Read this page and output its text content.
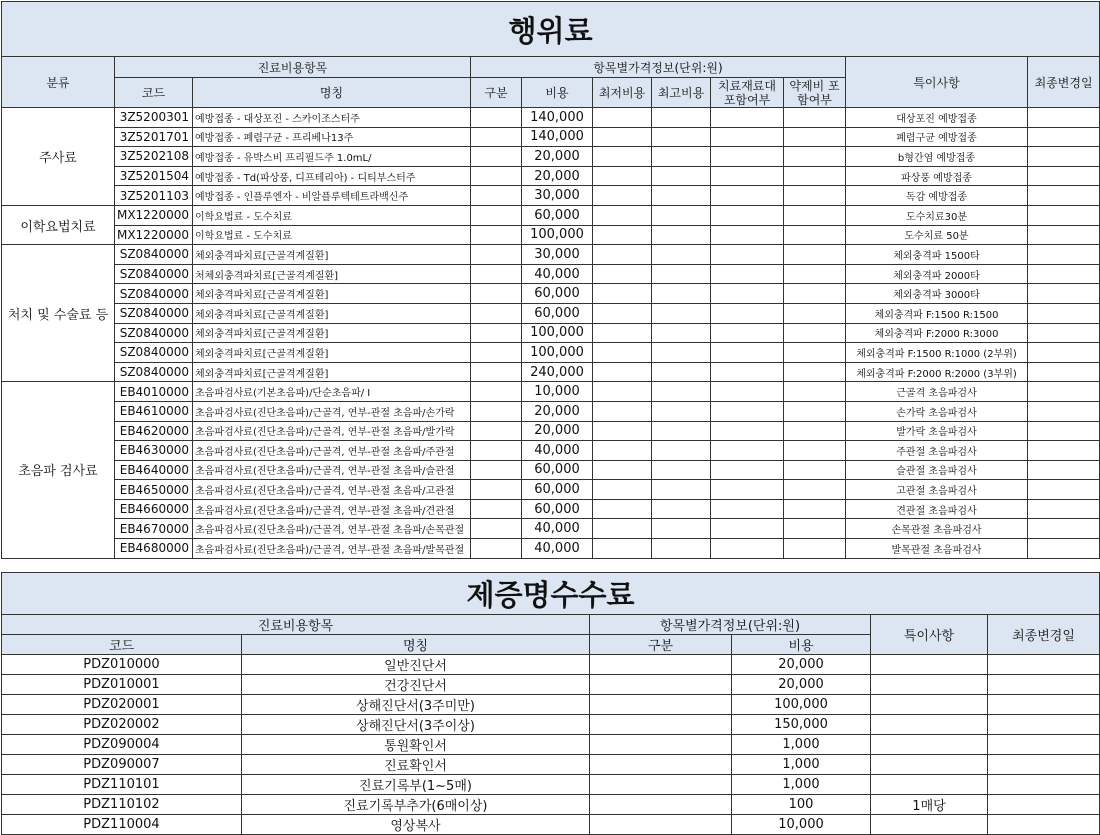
행위료										
분류	진료비용항목		항목별가격정보(단위:원)						특이사항	최종변경일
	코드	명칭	구분	비용	최저비용	최고비용	치료재료대 포함여부	약제비 포함여부		
주사료	3Z5200301	예방접종 - 대상포진 - 스카이조스터주		140,000					대상포진 예방접종	
	3Z5201701	예방접종 - 폐렴구균 - 프리베나13주		140,000					폐렴구균 예방접종	
	3Z5202108	예방접종 - 유박스비 프리필드주 1.0mL/		20,000					b형간염 예방접종	
	3Z5201504	예방접종 - Td(파상풍, 디프테리아) - 디티부스터주		20,000					파상풍 예방접종	
	3Z5201103	예방접종 - 인플루엔자 - 비알플루텍테트라백신주		30,000					독감 예방접종	
이학요법치료	MX1220000	이학요법료 - 도수치료		60,000					도수치료30분	
	MX1220000	이학요법료 - 도수치료		100,000					도수치료 50분	
처치 및 수술료 등	SZ0840000	체외충격파치료[근골격계질환]		30,000					체외충격파 1500타	
	SZ0840000	처체외충격파치료[근골격계질환]		40,000					체외충격파 2000타	
	SZ0840000	체외충격파치료[근골격계질환]		60,000					체외충격파 3000타	
	SZ0840000	체외충격파치료[근골격계질환]		60,000					체외충격파 F:1500 R:1500	
	SZ0840000	체외충격파치료[근골격계질환]		100,000					체외충격파 F:2000 R:3000	
	SZ0840000	체외충격파치료[근골격계질환]		100,000					체외충격파 F:1500 R:1000 (2부위)	
	SZ0840000	체외충격파치료[근골격계질환]		240,000					체외충격파 F:2000 R:2000 (3부위)	
초음파 검사료	EB4010000	초음파검사료(기본초음파)/단순초음파/ I		10,000					근골격 초음파검사	
	EB4610000	초음파검사료(진단초음파)/근골격, 연부-관절 초음파/손가락		20,000					손가락 초음파검사	
	EB4620000	초음파검사료(진단초음파)/근골격, 연부-관절 초음파/발가락		20,000					발가락 초음파검사	
	EB4630000	초음파검사료(진단초음파)/근골격, 연부-관절 초음파/주관절		40,000					주관절 초음파검사	
	EB4640000	초음파검사료(진단초음파)/근골격, 연부-관절 초음파/슬관절		60,000					슬관절 초음파검사	
	EB4650000	초음파검사료(진단초음파)/근골격, 연부-관절 초음파/고관절		60,000					고관절 초음파검사	
	EB4660000	초음파검사료(진단초음파)/근골격, 연부-관절 초음파/견관절		60,000					견관절 초음파검사	
	EB4670000	초음파검사료(진단초음파)/근골격, 연부-관절 초음파/손목관절		40,000					손목관절 초음파검사	
	EB4680000	초음파검사료(진단초음파)/근골격, 연부-관절 초음파/발목관절		40,000					발목관절 초음파검사	
제증명수수료					
진료비용항목		항목별가격정보(단위:원)		특이사항	최종변경일
코드	명칭	구분	비용		
PDZ010000	일반진단서		20,000		
PDZ010001	건강진단서		20,000		
PDZ020001	상해진단서(3주미만)		100,000		
PDZ020002	상해진단서(3주이상)		150,000		
PDZ090004	통원확인서		1,000		
PDZ090007	진료확인서		1,000		
PDZ110101	진료기록부(1~5매)		1,000		
PDZ110102	진료기록부추가(6매이상)		100	1매당	
PDZ110004	영상복사		10,000		
